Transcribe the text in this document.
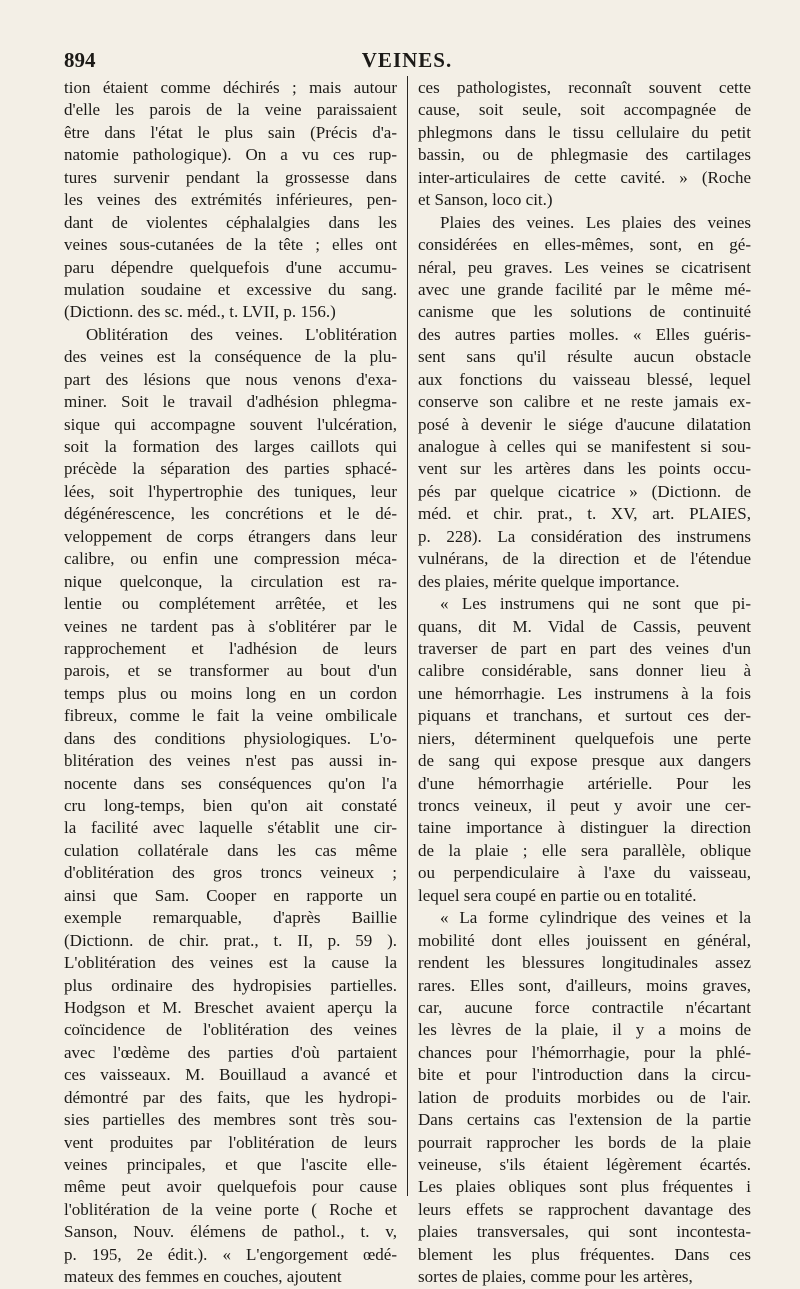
894	VEINES.
tion étaient comme déchirés ; mais autour
d'elle les parois de la veine paraissaient
être dans l'état le plus sain (Précis d'a-
natomie pathologique). On a vu ces rup-
tures survenir pendant la grossesse dans
les veines des extrémités inférieures, pen-
dant de violentes céphalalgies dans les
veines sous-cutanées de la tête ; elles ont
paru dépendre quelquefois d'une accumu-
mulation soudaine et excessive du sang.
(Dictionn. des sc. méd., t. LVII, p. 156.)
Oblitération des veines. L'oblitération
des veines est la conséquence de la plu-
part des lésions que nous venons d'exa-
miner. Soit le travail d'adhésion phlegma-
sique qui accompagne souvent l'ulcération,
soit la formation des larges caillots qui
précède la séparation des parties sphacé-
lées, soit l'hypertrophie des tuniques, leur
dégénérescence, les concrétions et le dé-
veloppement de corps étrangers dans leur
calibre, ou enfin une compression méca-
nique quelconque, la circulation est ra-
lentie ou complétement arrêtée, et les
veines ne tardent pas à s'oblitérer par le
rapprochement et l'adhésion de leurs
parois, et se transformer au bout d'un
temps plus ou moins long en un cordon
fibreux, comme le fait la veine ombilicale
dans des conditions physiologiques. L'o-
blitération des veines n'est pas aussi in-
nocente dans ses conséquences qu'on l'a
cru long-temps, bien qu'on ait constaté
la facilité avec laquelle s'établit une cir-
culation collatérale dans les cas même
d'oblitération des gros troncs veineux ;
ainsi que Sam. Cooper en rapporte un
exemple remarquable, d'après Baillie
(Dictionn. de chir. prat., t. II, p. 59 ).
L'oblitération des veines est la cause la
plus ordinaire des hydropisies partielles.
Hodgson et M. Breschet avaient aperçu la
coïncidence de l'oblitération des veines
avec l'œdème des parties d'où partaient
ces vaisseaux. M. Bouillaud a avancé et
démontré par des faits, que les hydropi-
sies partielles des membres sont très sou-
vent produites par l'oblitération de leurs
veines principales, et que l'ascite elle-
même peut avoir quelquefois pour cause
l'oblitération de la veine porte ( Roche et
Sanson, Nouv. élémens de pathol., t. v,
p. 195, 2e édit.). « L'engorgement œdé-
mateux des femmes en couches, ajoutent
ces pathologistes, reconnaît souvent cette
cause, soit seule, soit accompagnée de
phlegmons dans le tissu cellulaire du petit
bassin, ou de phlegmasie des cartilages
inter-articulaires de cette cavité. » (Roche
et Sanson, loco cit.)
Plaies des veines. Les plaies des veines
considérées en elles-mêmes, sont, en gé-
néral, peu graves. Les veines se cicatrisent
avec une grande facilité par le même mé-
canisme que les solutions de continuité
des autres parties molles. « Elles guéris-
sent sans qu'il résulte aucun obstacle
aux fonctions du vaisseau blessé, lequel
conserve son calibre et ne reste jamais ex-
posé à devenir le siége d'aucune dilatation
analogue à celles qui se manifestent si sou-
vent sur les artères dans les points occu-
pés par quelque cicatrice » (Dictionn. de
méd. et chir. prat., t. XV, art. PLAIES,
p. 228). La considération des instrumens
vulnérans, de la direction et de l'étendue
des plaies, mérite quelque importance.
« Les instrumens qui ne sont que pi-
quans, dit M. Vidal de Cassis, peuvent
traverser de part en part des veines d'un
calibre considérable, sans donner lieu à
une hémorrhagie. Les instrumens à la fois
piquans et tranchans, et surtout ces der-
niers, déterminent quelquefois une perte
de sang qui expose presque aux dangers
d'une hémorrhagie artérielle. Pour les
troncs veineux, il peut y avoir une cer-
taine importance à distinguer la direction
de la plaie ; elle sera parallèle, oblique
ou perpendiculaire à l'axe du vaisseau,
lequel sera coupé en partie ou en totalité.
« La forme cylindrique des veines et la
mobilité dont elles jouissent en général,
rendent les blessures longitudinales assez
rares. Elles sont, d'ailleurs, moins graves,
car, aucune force contractile n'écartant
les lèvres de la plaie, il y a moins de
chances pour l'hémorrhagie, pour la phlé-
bite et pour l'introduction dans la circu-
lation de produits morbides ou de l'air.
Dans certains cas l'extension de la partie
pourrait rapprocher les bords de la plaie
veineuse, s'ils étaient légèrement écartés.
Les plaies obliques sont plus fréquentes i
leurs effets se rapprochent davantage des
plaies transversales, qui sont incontesta-
blement les plus fréquentes. Dans ces
sortes de plaies, comme pour les artères,
